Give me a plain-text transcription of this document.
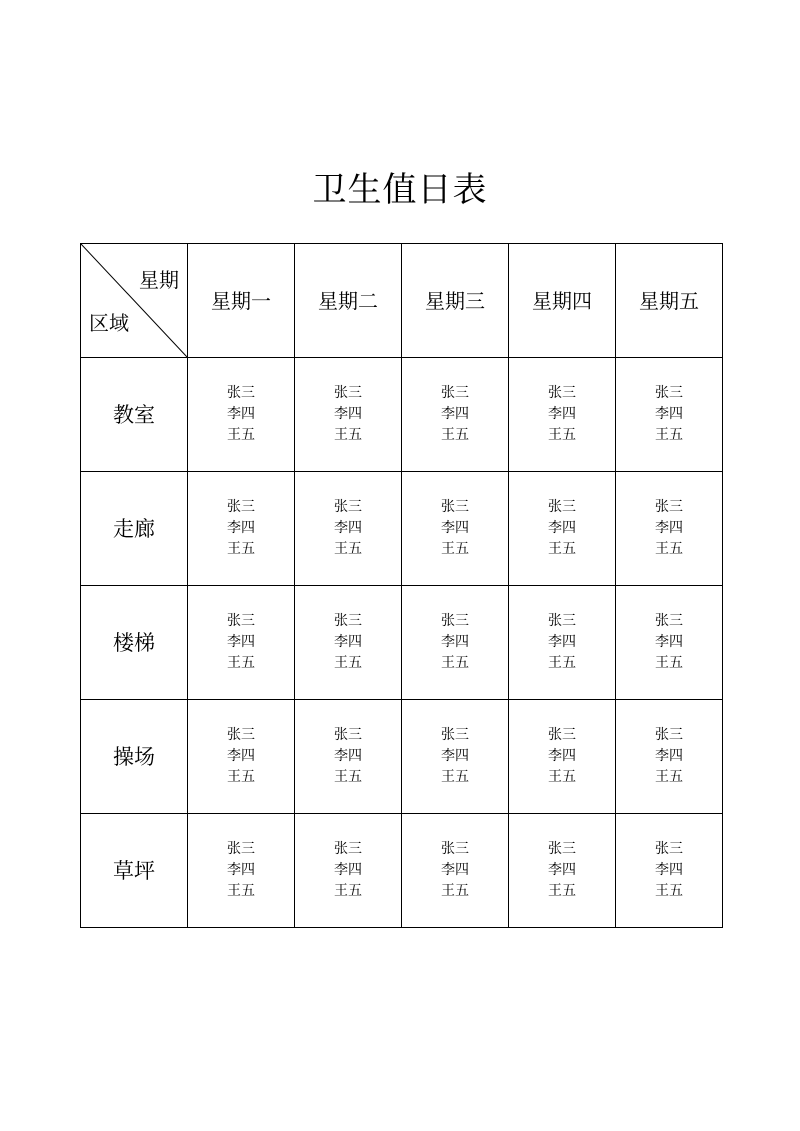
卫生值日表
星期
区域	星期一	星期二	星期三	星期四	星期五
教室	张三
李四
王五	张三
李四
王五	张三
李四
王五	张三
李四
王五	张三
李四
王五

走廊	张三
李四
王五	张三
李四
王五	张三
李四
王五	张三
李四
王五	张三
李四
王五

楼梯	张三
李四
王五	张三
李四
王五	张三
李四
王五	张三
李四
王五	张三
李四
王五

操场	张三
李四
王五	张三
李四
王五	张三
李四
王五	张三
李四
王五	张三
李四
王五

草坪	张三
李四
王五	张三
李四
王五	张三
李四
王五	张三
李四
王五	张三
李四
王五
